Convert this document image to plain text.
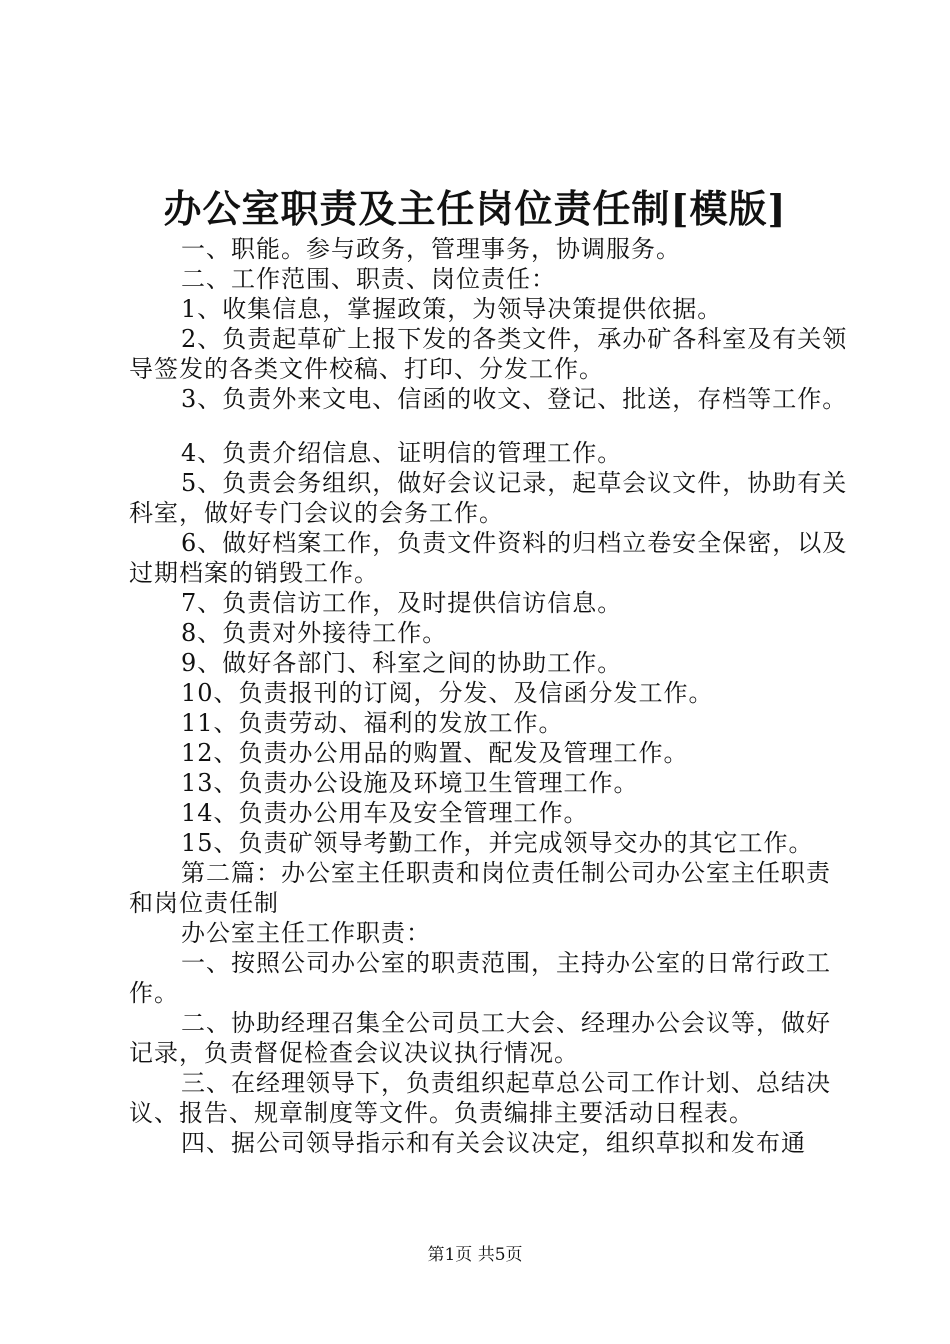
办公室职责及主任岗位责任制[模版]

一、职能。参与政务，管理事务，协调服务。

二、工作范围、职责、岗位责任：

1、收集信息，掌握政策，为领导决策提供依据。

2、负责起草矿上报下发的各类文件，承办矿各科室及有关领导签发的各类文件校稿、打印、分发工作。

3、负责外来文电、信函的收文、登记、批送，存档等工作。

4、负责介绍信息、证明信的管理工作。

5、负责会务组织，做好会议记录，起草会议文件，协助有关科室，做好专门会议的会务工作。

6、做好档案工作，负责文件资料的归档立卷安全保密，以及过期档案的销毁工作。

7、负责信访工作，及时提供信访信息。

8、负责对外接待工作。

9、做好各部门、科室之间的协助工作。

10、负责报刊的订阅，分发、及信函分发工作。

11、负责劳动、福利的发放工作。

12、负责办公用品的购置、配发及管理工作。

13、负责办公设施及环境卫生管理工作。

14、负责办公用车及安全管理工作。

15、负责矿领导考勤工作，并完成领导交办的其它工作。

第二篇：办公室主任职责和岗位责任制公司办公室主任职责和岗位责任制

办公室主任工作职责：

一、按照公司办公室的职责范围，主持办公室的日常行政工作。

二、协助经理召集全公司员工大会、经理办公会议等，做好记录，负责督促检查会议决议执行情况。

三、在经理领导下，负责组织起草总公司工作计划、总结决议、报告、规章制度等文件。负责编排主要活动日程表。

四、据公司领导指示和有关会议决定，组织草拟和发布通

第1页 共5页
